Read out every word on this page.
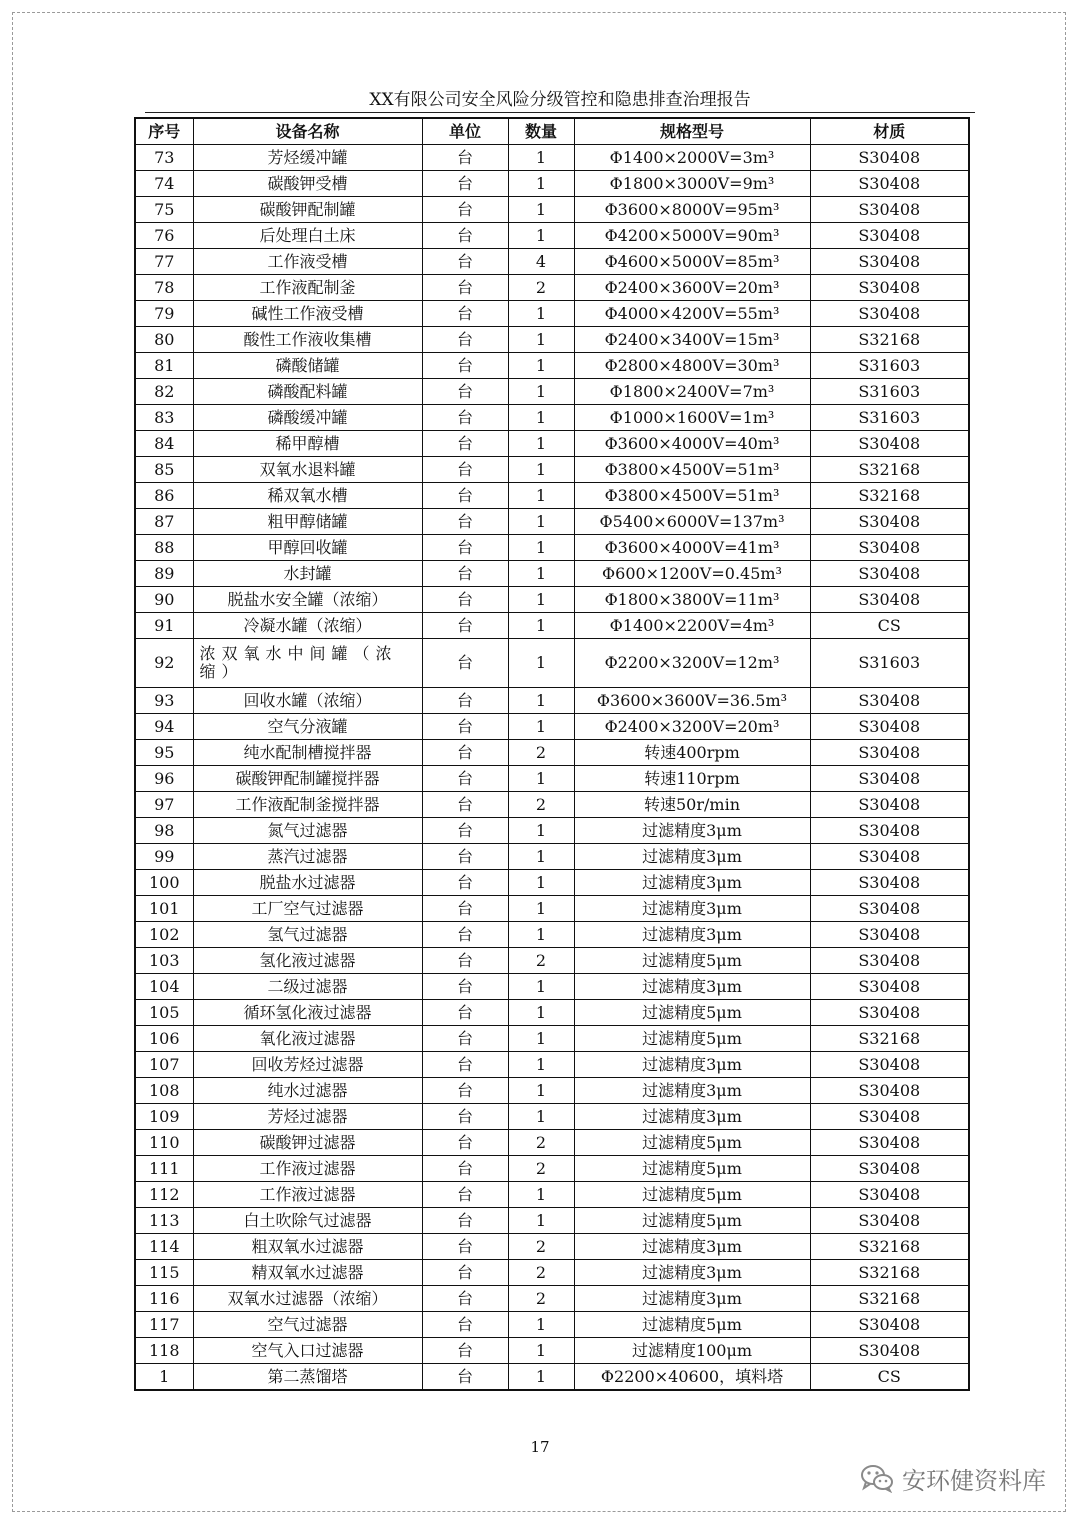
XX有限公司安全风险分级管控和隐患排查治理报告
序号	设备名称	单位	数量	规格型号	材质
73	芳烃缓冲罐	台	1	Φ1400×2000V=3m³	S30408
74	碳酸钾受槽	台	1	Φ1800×3000V=9m³	S30408
75	碳酸钾配制罐	台	1	Φ3600×8000V=95m³	S30408
76	后处理白土床	台	1	Φ4200×5000V=90m³	S30408
77	工作液受槽	台	4	Φ4600×5000V=85m³	S30408
78	工作液配制釜	台	2	Φ2400×3600V=20m³	S30408
79	碱性工作液受槽	台	1	Φ4000×4200V=55m³	S30408
80	酸性工作液收集槽	台	1	Φ2400×3400V=15m³	S32168
81	磷酸储罐	台	1	Φ2800×4800V=30m³	S31603
82	磷酸配料罐	台	1	Φ1800×2400V=7m³	S31603
83	磷酸缓冲罐	台	1	Φ1000×1600V=1m³	S31603
84	稀甲醇槽	台	1	Φ3600×4000V=40m³	S30408
85	双氧水退料罐	台	1	Φ3800×4500V=51m³	S32168
86	稀双氧水槽	台	1	Φ3800×4500V=51m³	S32168
87	粗甲醇储罐	台	1	Φ5400×6000V=137m³	S30408
88	甲醇回收罐	台	1	Φ3600×4000V=41m³	S30408
89	水封罐	台	1	Φ600×1200V=0.45m³	S30408
90	脱盐水安全罐（浓缩）	台	1	Φ1800×3800V=11m³	S30408
91	冷凝水罐（浓缩）	台	1	Φ1400×2200V=4m³	CS
92	浓双氧水中间罐（浓缩）	台	1	Φ2200×3200V=12m³	S31603
93	回收水罐（浓缩）	台	1	Φ3600×3600V=36.5m³	S30408
94	空气分液罐	台	1	Φ2400×3200V=20m³	S30408
95	纯水配制槽搅拌器	台	2	转速400rpm	S30408
96	碳酸钾配制罐搅拌器	台	1	转速110rpm	S30408
97	工作液配制釜搅拌器	台	2	转速50r/min	S30408
98	氮气过滤器	台	1	过滤精度3μm	S30408
99	蒸汽过滤器	台	1	过滤精度3μm	S30408
100	脱盐水过滤器	台	1	过滤精度3μm	S30408
101	工厂空气过滤器	台	1	过滤精度3μm	S30408
102	氢气过滤器	台	1	过滤精度3μm	S30408
103	氢化液过滤器	台	2	过滤精度5μm	S30408
104	二级过滤器	台	1	过滤精度3μm	S30408
105	循环氢化液过滤器	台	1	过滤精度5μm	S30408
106	氧化液过滤器	台	1	过滤精度5μm	S32168
107	回收芳烃过滤器	台	1	过滤精度3μm	S30408
108	纯水过滤器	台	1	过滤精度3μm	S30408
109	芳烃过滤器	台	1	过滤精度3μm	S30408
110	碳酸钾过滤器	台	2	过滤精度5μm	S30408
111	工作液过滤器	台	2	过滤精度5μm	S30408
112	工作液过滤器	台	1	过滤精度5μm	S30408
113	白土吹除气过滤器	台	1	过滤精度5μm	S30408
114	粗双氧水过滤器	台	2	过滤精度3μm	S32168
115	精双氧水过滤器	台	2	过滤精度3μm	S32168
116	双氧水过滤器（浓缩）	台	2	过滤精度3μm	S32168
117	空气过滤器	台	1	过滤精度5μm	S30408
118	空气入口过滤器	台	1	过滤精度100μm	S30408
1	第二蒸馏塔	台	1	Φ2200×40600，填料塔	CS
17
安环健资料库
